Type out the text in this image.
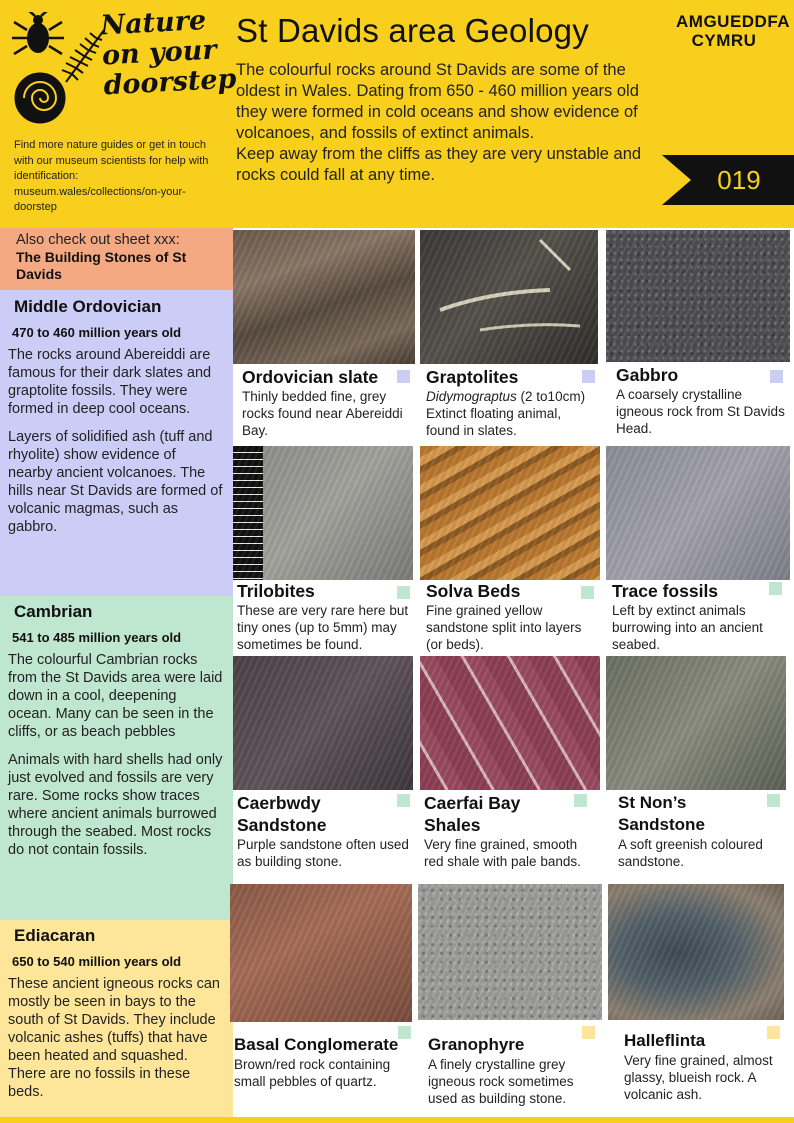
Nature
on your
doorstep
Find more nature guides or get in touch with our museum scientists for help with identification: museum.wales/collections/on-your-doorstep
St Davids area Geology

The colourful rocks around St Davids are some of the oldest in Wales. Dating from 650 - 460 million years old they were formed in cold oceans and show evidence of volcanoes, and fossils of extinct animals.

Keep away from the cliffs as they are very unstable and rocks could fall at any time.

AMGUEDDFA
CYMRU
019
Also check out sheet xxx:
The Building Stones of St Davids
Middle Ordovician
470 to 460 million years old
The rocks around Abereiddi are famous for their dark slates and graptolite fossils. They were formed in deep cool oceans.
Layers of solidified ash (tuff and rhyolite) show evidence of nearby ancient volcanoes. The hills near St Davids are formed of volcanic magmas, such as gabbro.
Cambrian
541 to 485 million years old
The colourful Cambrian rocks from the St Davids area were laid down in a cool, deepening ocean. Many can be seen in the cliffs, or as beach pebbles
Animals with hard shells had only just evolved and fossils are very rare. Some rocks show traces where ancient animals burrowed through the seabed. Most rocks do not contain fossils.
Ediacaran
650 to 540 million years old
These ancient igneous rocks can mostly be seen in bays to the south of St Davids. They include volcanic ashes (tuffs) that have been heated and squashed. There are no fossils in these beds.
Ordovician slate
Thinly bedded fine, grey rocks found near Abereiddi Bay.
Graptolites
Didymograptus (2 to10cm)
Extinct floating animal, found in slates.
Gabbro
A coarsely crystalline igneous rock from St Davids Head.
Trilobites
These are very rare here but tiny ones (up to 5mm) may sometimes be found.
Solva Beds
Fine grained yellow sandstone split into layers (or beds).
Trace fossils
Left by extinct animals burrowing into an ancient seabed.
Caerbwdy
Sandstone
Purple sandstone often used as building stone.
Caerfai Bay
Shales
Very fine grained, smooth red shale with pale bands.
St Non’s
Sandstone
A soft greenish coloured sandstone.
Basal Conglomerate
Brown/red rock containing small pebbles of quartz.
Granophyre
A finely crystalline grey igneous rock sometimes used as building stone.
Halleflinta
Very fine grained, almost glassy, blueish rock. A volcanic ash.
